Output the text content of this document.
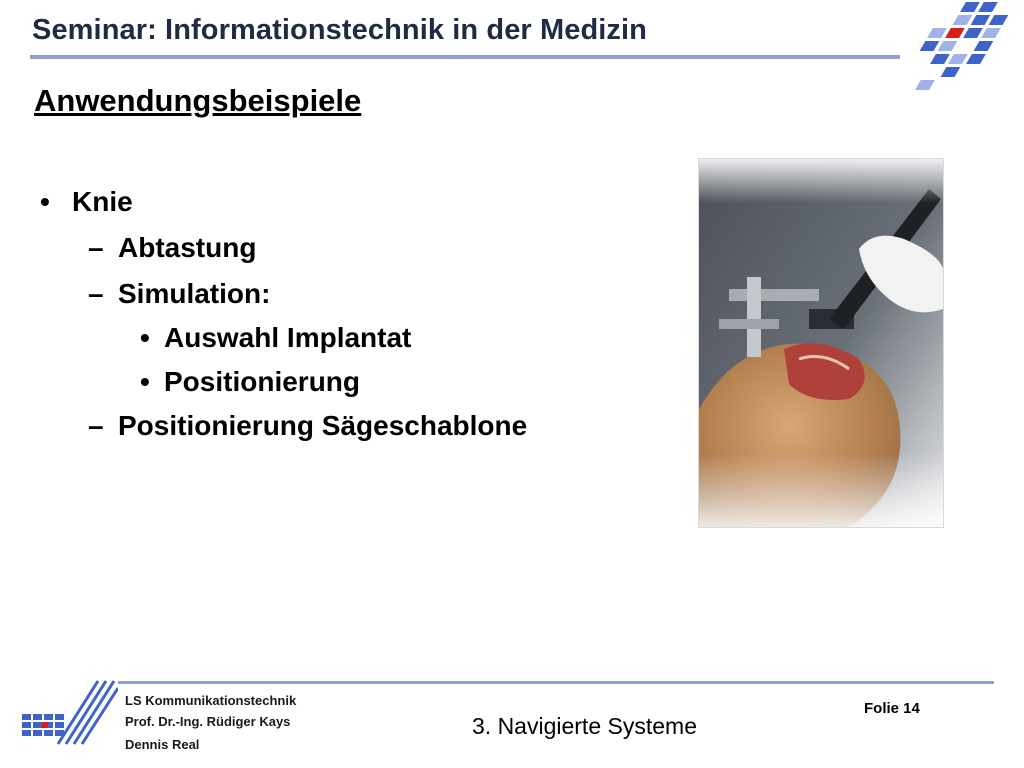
Seminar: Informationstechnik in der Medizin
Anwendungsbeispiele
• Knie
– Abtastung
– Simulation:
• Auswahl Implantat
• Positionierung
– Positionierung Sägeschablone
LS Kommunikationstechnik
Prof. Dr.-Ing. Rüdiger Kays
Dennis Real
3. Navigierte Systeme
Folie 14
